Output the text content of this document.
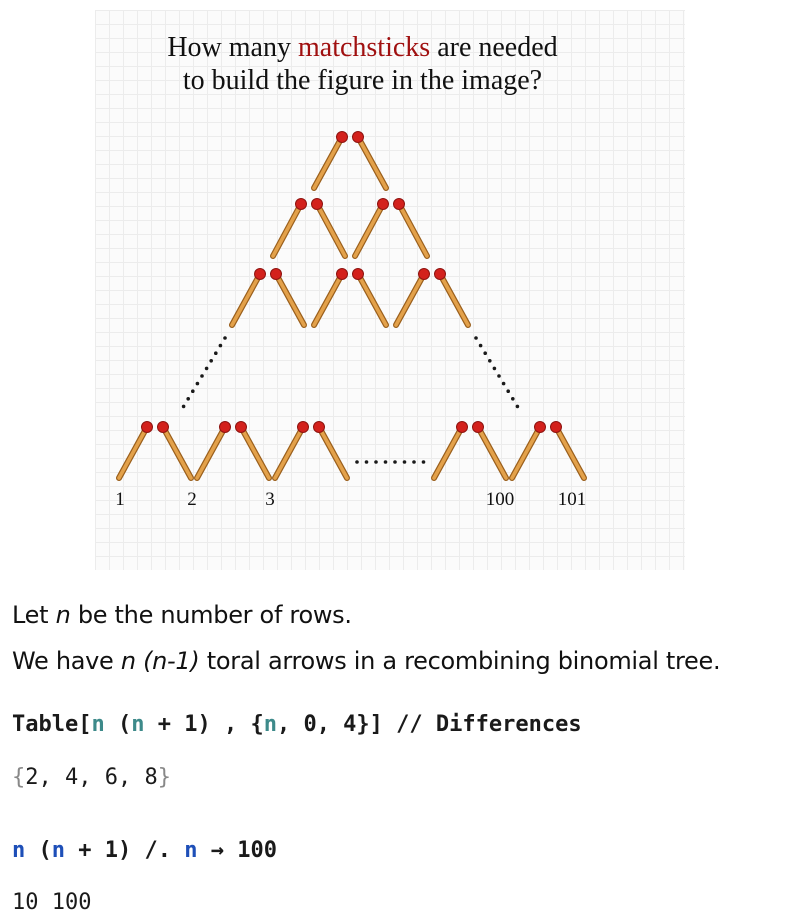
How many matchsticks are needed
to build the figure in the image?
1	2	3	100 101
Let n be the number of rows.
We have n (n-1) toral arrows in a recombining binomial tree.
Table[n (n + 1) , {n, 0, 4}] // Differences
{2, 4, 6, 8}
n (n + 1) /. n → 100
10 100
